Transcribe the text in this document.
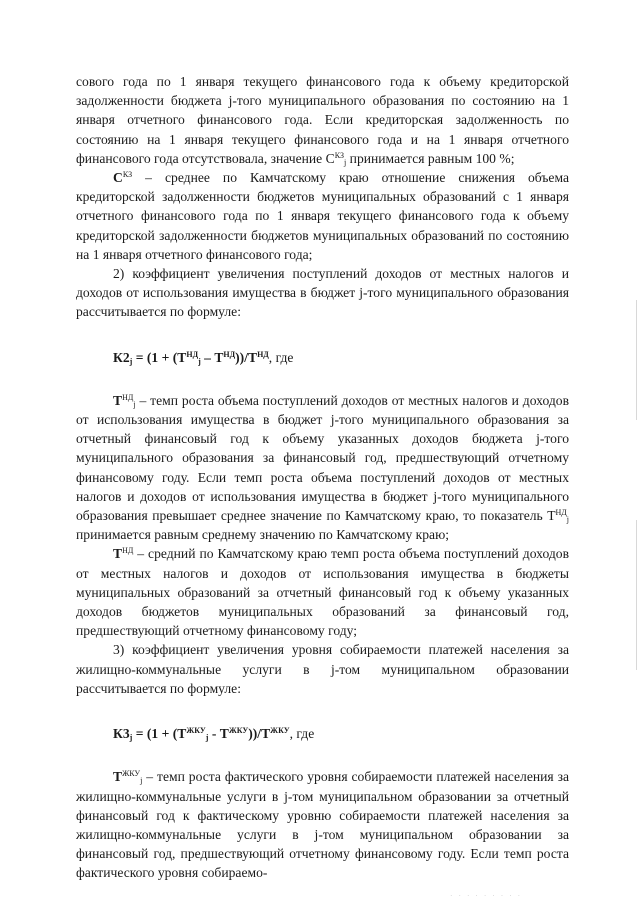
сового года по 1 января текущего финансового года к объему кредиторской задолженности бюджета j-того муниципального образования по состоянию на 1 января отчетного финансового года. Если кредиторская задолженность по состоянию на 1 января текущего финансового года и на 1 января отчетного финансового года отсутствовала, значение $С^{КЗ}_j$ принимается равным 100 %;

$С^{КЗ}$ – среднее по Камчатскому краю отношение снижения объема кредиторской задолженности бюджетов муниципальных образований с 1 января отчетного финансового года по 1 января текущего финансового года к объему кредиторской задолженности бюджетов муниципальных образований по состоянию на 1 января отчетного финансового года;

2) коэффициент увеличения поступлений доходов от местных налогов и доходов от использования имущества в бюджет j-того муниципального образования рассчитывается по формуле:

$К2_j = (1 + (Т^{НД}_j - Т^{НД}))/Т^{НД}$, где

$Т^{НД}_j$ – темп роста объема поступлений доходов от местных налогов и доходов от использования имущества в бюджет j-того муниципального образования за отчетный финансовый год к объему указанных доходов бюджета j-того муниципального образования за финансовый год, предшествующий отчетному финансовому году. Если темп роста объема поступлений доходов от местных налогов и доходов от использования имущества в бюджет j-того муниципального образования превышает среднее значение по Камчатскому краю, то показатель $Т^{НД}_j$ принимается равным среднему значению по Камчатскому краю;

$Т^{НД}$ – средний по Камчатскому краю темп роста объема поступлений доходов от местных налогов и доходов от использования имущества в бюджеты муниципальных образований за отчетный финансовый год к объему указанных доходов бюджетов муниципальных образований за финансовый год, предшествующий отчетному финансовому году;

3) коэффициент увеличения уровня собираемости платежей населения за жилищно-коммунальные услуги в j-том муниципальном образовании рассчитывается по формуле:

$К3_j = (1 + (Т^{ЖКУ}_j - Т^{ЖКУ}))/Т^{ЖКУ}$, где

$Т^{ЖКУ}_j$ – темп роста фактического уровня собираемости платежей населения за жилищно-коммунальные услуги в j-том муниципальном образовании за отчетный финансовый год к фактическому уровню собираемости платежей населения за жилищно-коммунальные услуги в j-том муниципальном образовании за финансовый год, предшествующий отчетному финансовому году. Если темп роста фактического уровня собираемо-

· · · · · · · · ·
